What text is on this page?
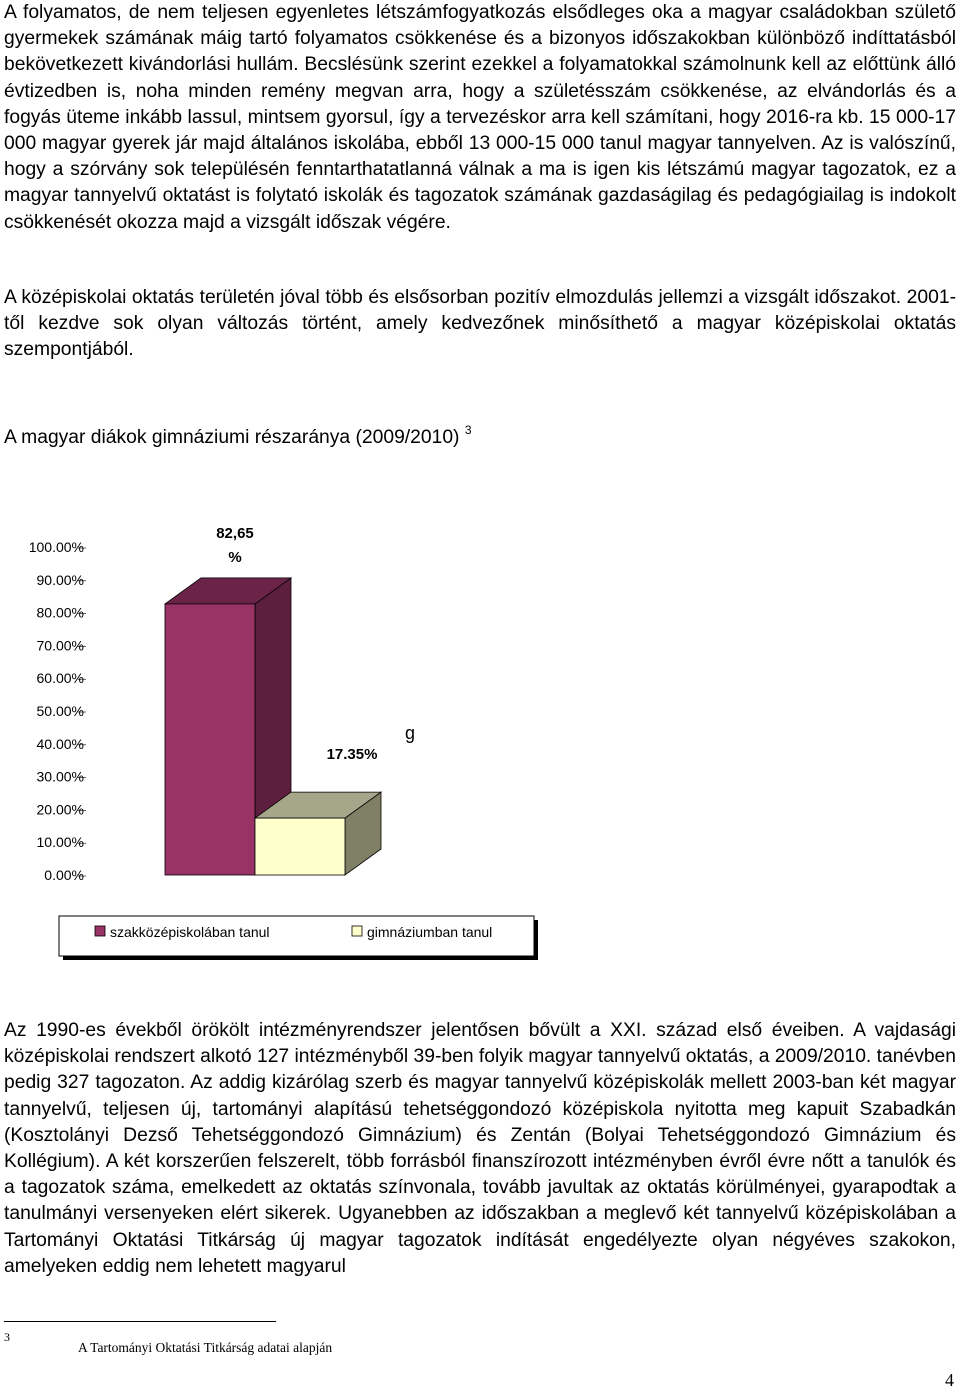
A folyamatos, de nem teljesen egyenletes létszámfogyatkozás elsődleges oka a magyar családokban születő gyermekek számának máig tartó folyamatos csökkenése és a bizonyos időszakokban különböző indíttatásból bekövetkezett kivándorlási hullám. Becslésünk szerint ezekkel a folyamatokkal számolnunk kell az előttünk álló évtizedben is, noha minden remény megvan arra, hogy a születésszám csökkenése, az elvándorlás és a fogyás üteme inkább lassul, mintsem gyorsul, így a tervezéskor arra kell számítani, hogy 2016-ra kb. 15 000-17 000 magyar gyerek jár majd általános iskolába, ebből 13 000-15 000 tanul magyar tannyelven. Az is valószínű, hogy a szórvány sok településén fenntarthatatlanná válnak a ma is igen kis létszámú magyar tagozatok, ez a magyar tannyelvű oktatást is folytató iskolák és tagozatok számának gazdaságilag és pedagógiailag is indokolt csökkenését okozza majd a vizsgált időszak végére.

A középiskolai oktatás területén jóval több és elsősorban pozitív elmozdulás jellemzi a vizsgált időszakot. 2001-től kezdve sok olyan változás történt, amely kedvezőnek minősíthető a magyar középiskolai oktatás szempontjából.

A magyar diákok gimnáziumi részaránya (2009/2010) $^3$

0.00%
10.00%
20.00%
30.00%
40.00%
50.00%
60.00%
70.00%
80.00%
90.00%
100.00%
82,65 %
17.35%
g
szakközépiskolában tanul	gimnáziumban tanul

Az 1990-es évekből örökölt intézményrendszer jelentősen bővült a XXI. század első éveiben. A vajdasági középiskolai rendszert alkotó 127 intézményből 39-ben folyik magyar tannyelvű oktatás, a 2009/2010. tanévben pedig 327 tagozaton. Az addig kizárólag szerb és magyar tannyelvű középiskolák mellett 2003-ban két magyar tannyelvű, teljesen új, tartományi alapítású tehetséggondozó középiskola nyitotta meg kapuit Szabadkán (Kosztolányi Dezső Tehetséggondozó Gimnázium) és Zentán (Bolyai Tehetséggondozó Gimnázium és Kollégium). A két korszerűen felszerelt, több forrásból finanszírozott intézményben évről évre nőtt a tanulók és a tagozatok száma, emelkedett az oktatás színvonala, tovább javultak az oktatás körülményei, gyarapodtak a tanulmányi versenyeken elért sikerek. Ugyanebben az időszakban a meglevő két tannyelvű középiskolában a Tartományi Oktatási Titkárság új magyar tagozatok indítását engedélyezte olyan négyéves szakokon, amelyeken eddig nem lehetett magyarul

3
A Tartományi Oktatási Titkárság adatai alapján
4
